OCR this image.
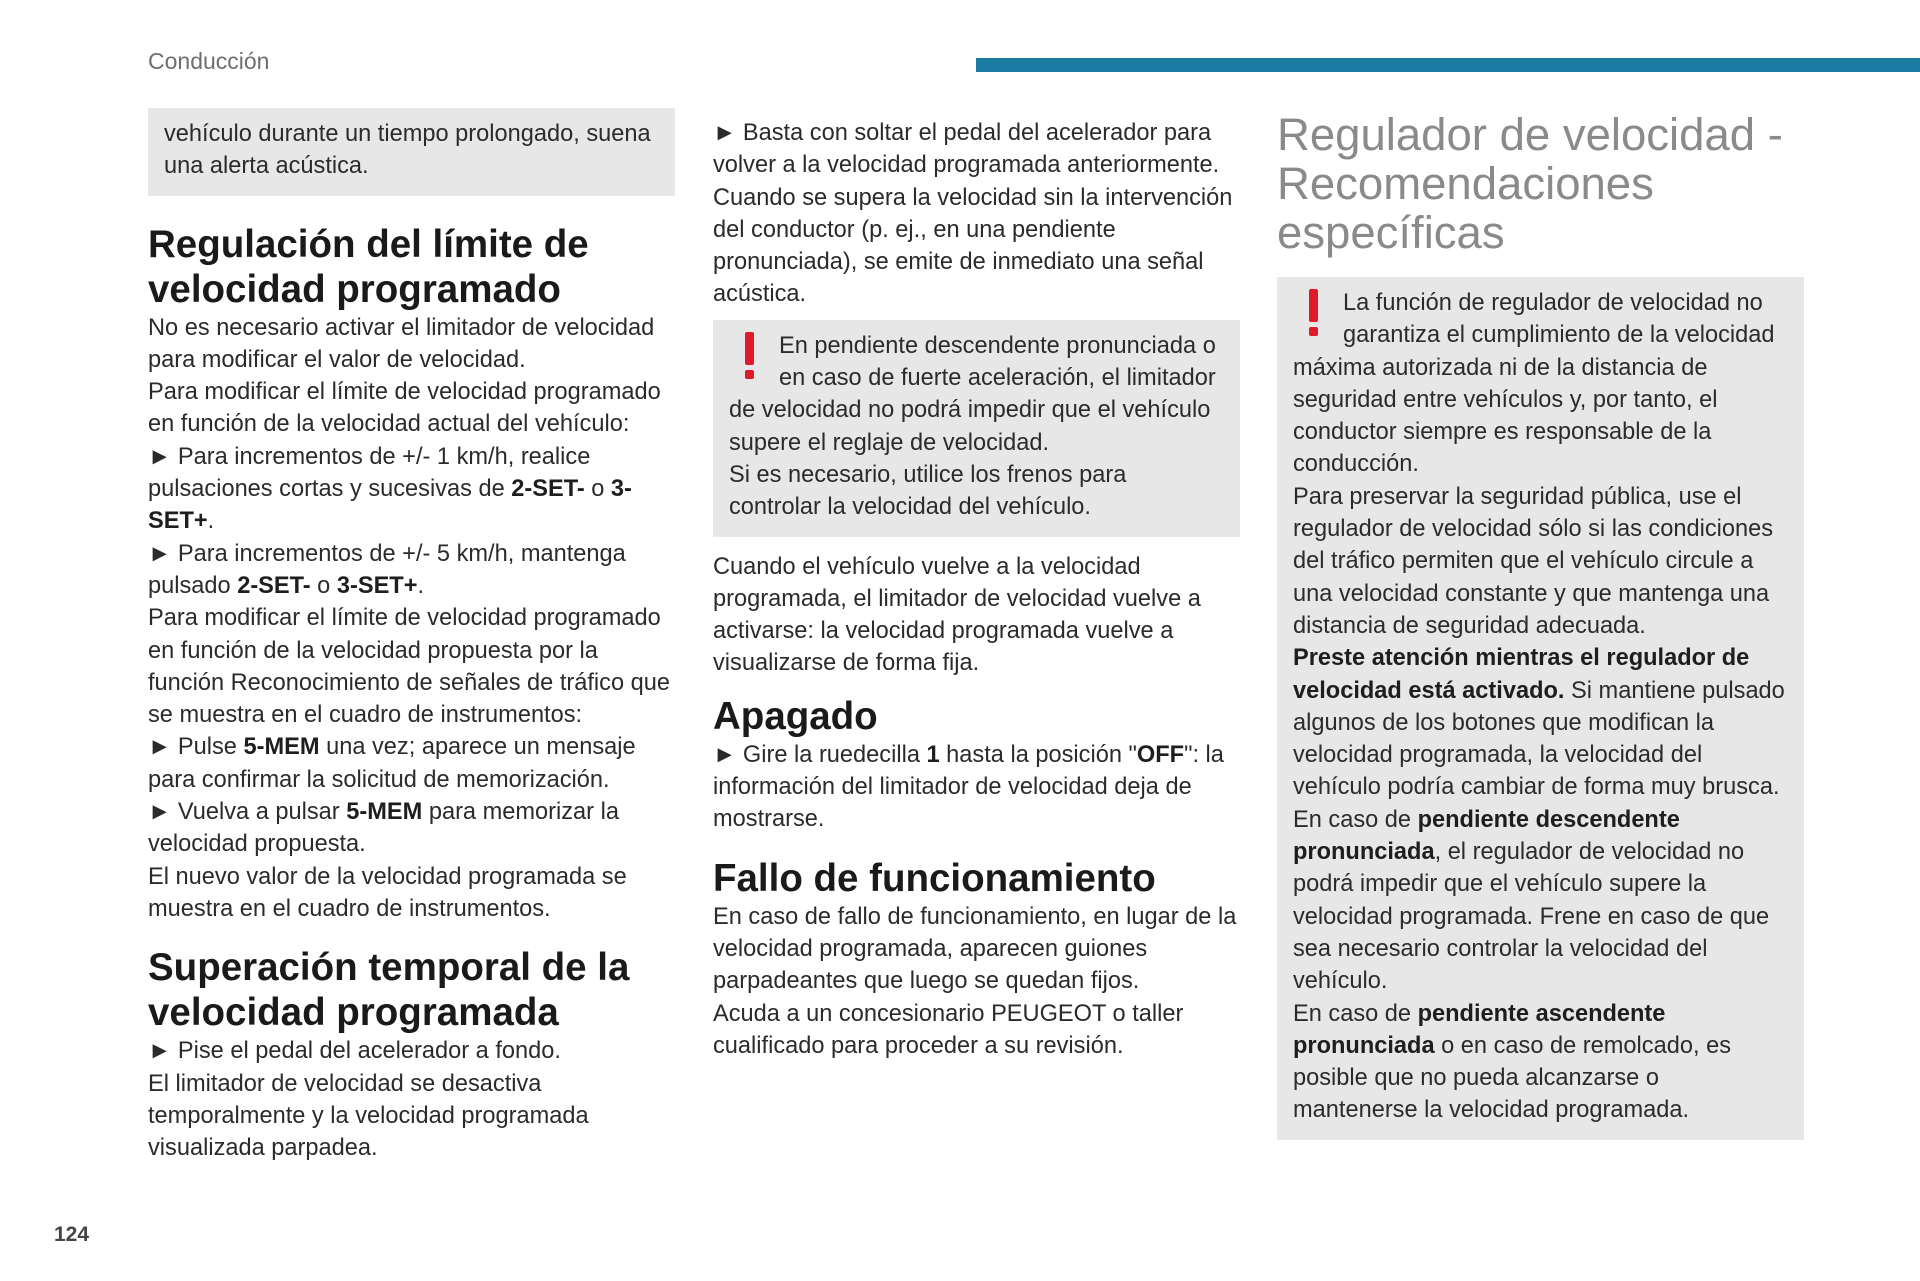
Conducción

vehículo durante un tiempo prolongado, suena una alerta acústica.

Regulación del límite de velocidad programado

No es necesario activar el limitador de velocidad para modificar el valor de velocidad.

Para modificar el límite de velocidad programado en función de la velocidad actual del vehículo:

► Para incrementos de +/- 1 km/h, realice pulsaciones cortas y sucesivas de 2-SET- o 3-SET+.

► Para incrementos de +/- 5 km/h, mantenga pulsado 2-SET- o 3-SET+.

Para modificar el límite de velocidad programado en función de la velocidad propuesta por la función Reconocimiento de señales de tráfico que se muestra en el cuadro de instrumentos:

► Pulse 5-MEM una vez; aparece un mensaje para confirmar la solicitud de memorización.

► Vuelva a pulsar 5-MEM para memorizar la velocidad propuesta.

El nuevo valor de la velocidad programada se muestra en el cuadro de instrumentos.

Superación temporal de la velocidad programada

► Pise el pedal del acelerador a fondo.

El limitador de velocidad se desactiva temporalmente y la velocidad programada visualizada parpadea.

► Basta con soltar el pedal del acelerador para volver a la velocidad programada anteriormente.

Cuando se supera la velocidad sin la intervención del conductor (p. ej., en una pendiente pronunciada), se emite de inmediato una señal acústica.

En pendiente descendente pronunciada o en caso de fuerte aceleración, el limitador de velocidad no podrá impedir que el vehículo supere el reglaje de velocidad.

Si es necesario, utilice los frenos para controlar la velocidad del vehículo.

Cuando el vehículo vuelve a la velocidad programada, el limitador de velocidad vuelve a activarse: la velocidad programada vuelve a visualizarse de forma fija.

Apagado

► Gire la ruedecilla 1 hasta la posición "OFF": la información del limitador de velocidad deja de mostrarse.

Fallo de funcionamiento

En caso de fallo de funcionamiento, en lugar de la velocidad programada, aparecen guiones parpadeantes que luego se quedan fijos.

Acuda a un concesionario PEUGEOT o taller cualificado para proceder a su revisión.

Regulador de velocidad - Recomendaciones específicas

La función de regulador de velocidad no garantiza el cumplimiento de la velocidad máxima autorizada ni de la distancia de seguridad entre vehículos y, por tanto, el conductor siempre es responsable de la conducción.

Para preservar la seguridad pública, use el regulador de velocidad sólo si las condiciones del tráfico permiten que el vehículo circule a una velocidad constante y que mantenga una distancia de seguridad adecuada.

Preste atención mientras el regulador de velocidad está activado. Si mantiene pulsado algunos de los botones que modifican la velocidad programada, la velocidad del vehículo podría cambiar de forma muy brusca.

En caso de pendiente descendente pronunciada, el regulador de velocidad no podrá impedir que el vehículo supere la velocidad programada. Frene en caso de que sea necesario controlar la velocidad del vehículo.

En caso de pendiente ascendente pronunciada o en caso de remolcado, es posible que no pueda alcanzarse o mantenerse la velocidad programada.

124
